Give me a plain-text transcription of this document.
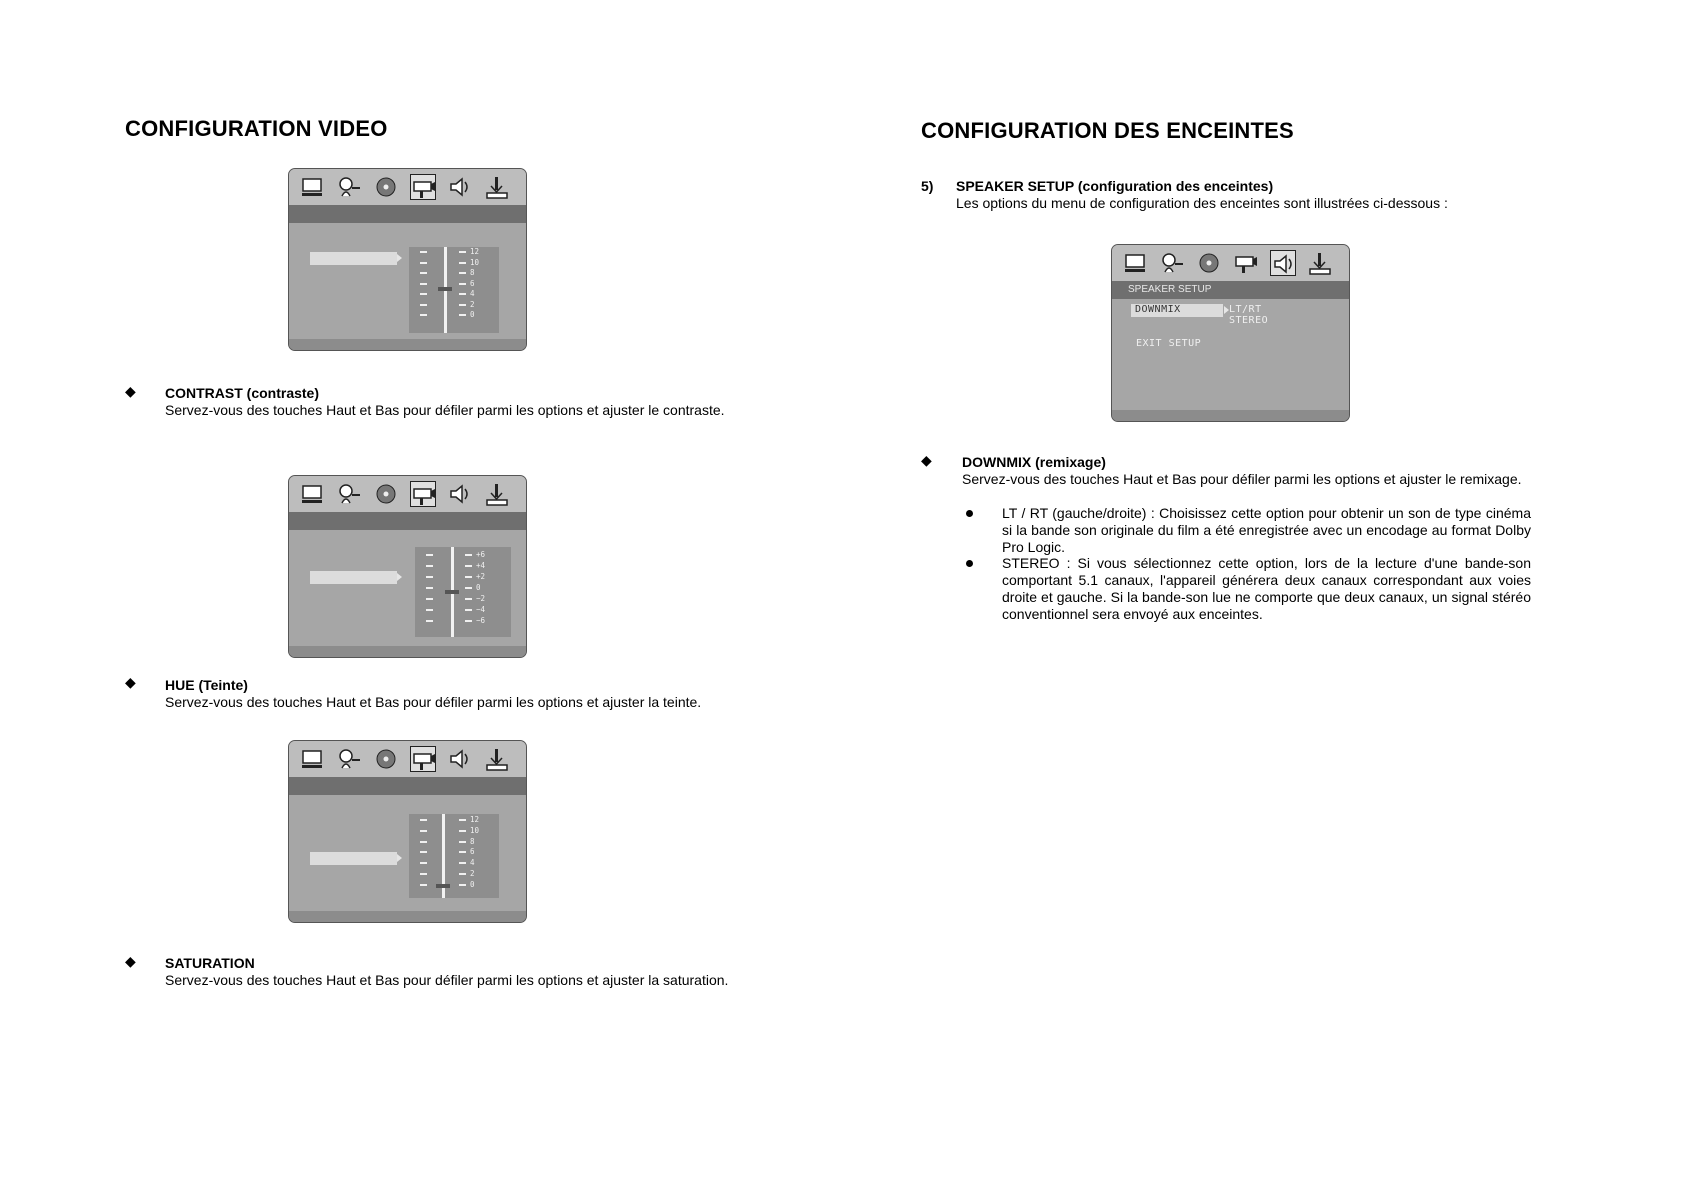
CONFIGURATION VIDEO
12
10
8
6
4
2
0
◆ CONTRAST (contraste)
Servez-vous des touches Haut et Bas pour défiler parmi les options et ajuster le contraste.
+6
+4
+2
0
−2
−4
−6
◆ HUE (Teinte)
Servez-vous des touches Haut et Bas pour défiler parmi les options et ajuster la teinte.
12
10
8
6
4
2
0
◆ SATURATION
Servez-vous des touches Haut et Bas pour défiler parmi les options et ajuster la saturation.
CONFIGURATION DES ENCEINTES
5) SPEAKER SETUP (configuration des enceintes)
Les options du menu de configuration des enceintes sont illustrées ci-dessous :
SPEAKER SETUP
DOWNMIX	LT/RT
STEREO
EXIT SETUP
◆ DOWNMIX (remixage)
Servez-vous des touches Haut et Bas pour défiler parmi les options et ajuster le remixage.
LT / RT (gauche/droite) : Choisissez cette option pour obtenir un son de type cinéma si la bande son originale du film a été enregistrée avec un encodage au format Dolby Pro Logic.
STEREO : Si vous sélectionnez cette option, lors de la lecture d'une bande-son comportant 5.1 canaux, l'appareil générera deux canaux correspondant aux voies droite et gauche. Si la bande-son lue ne comporte que deux canaux, un signal stéréo conventionnel sera envoyé aux enceintes.
